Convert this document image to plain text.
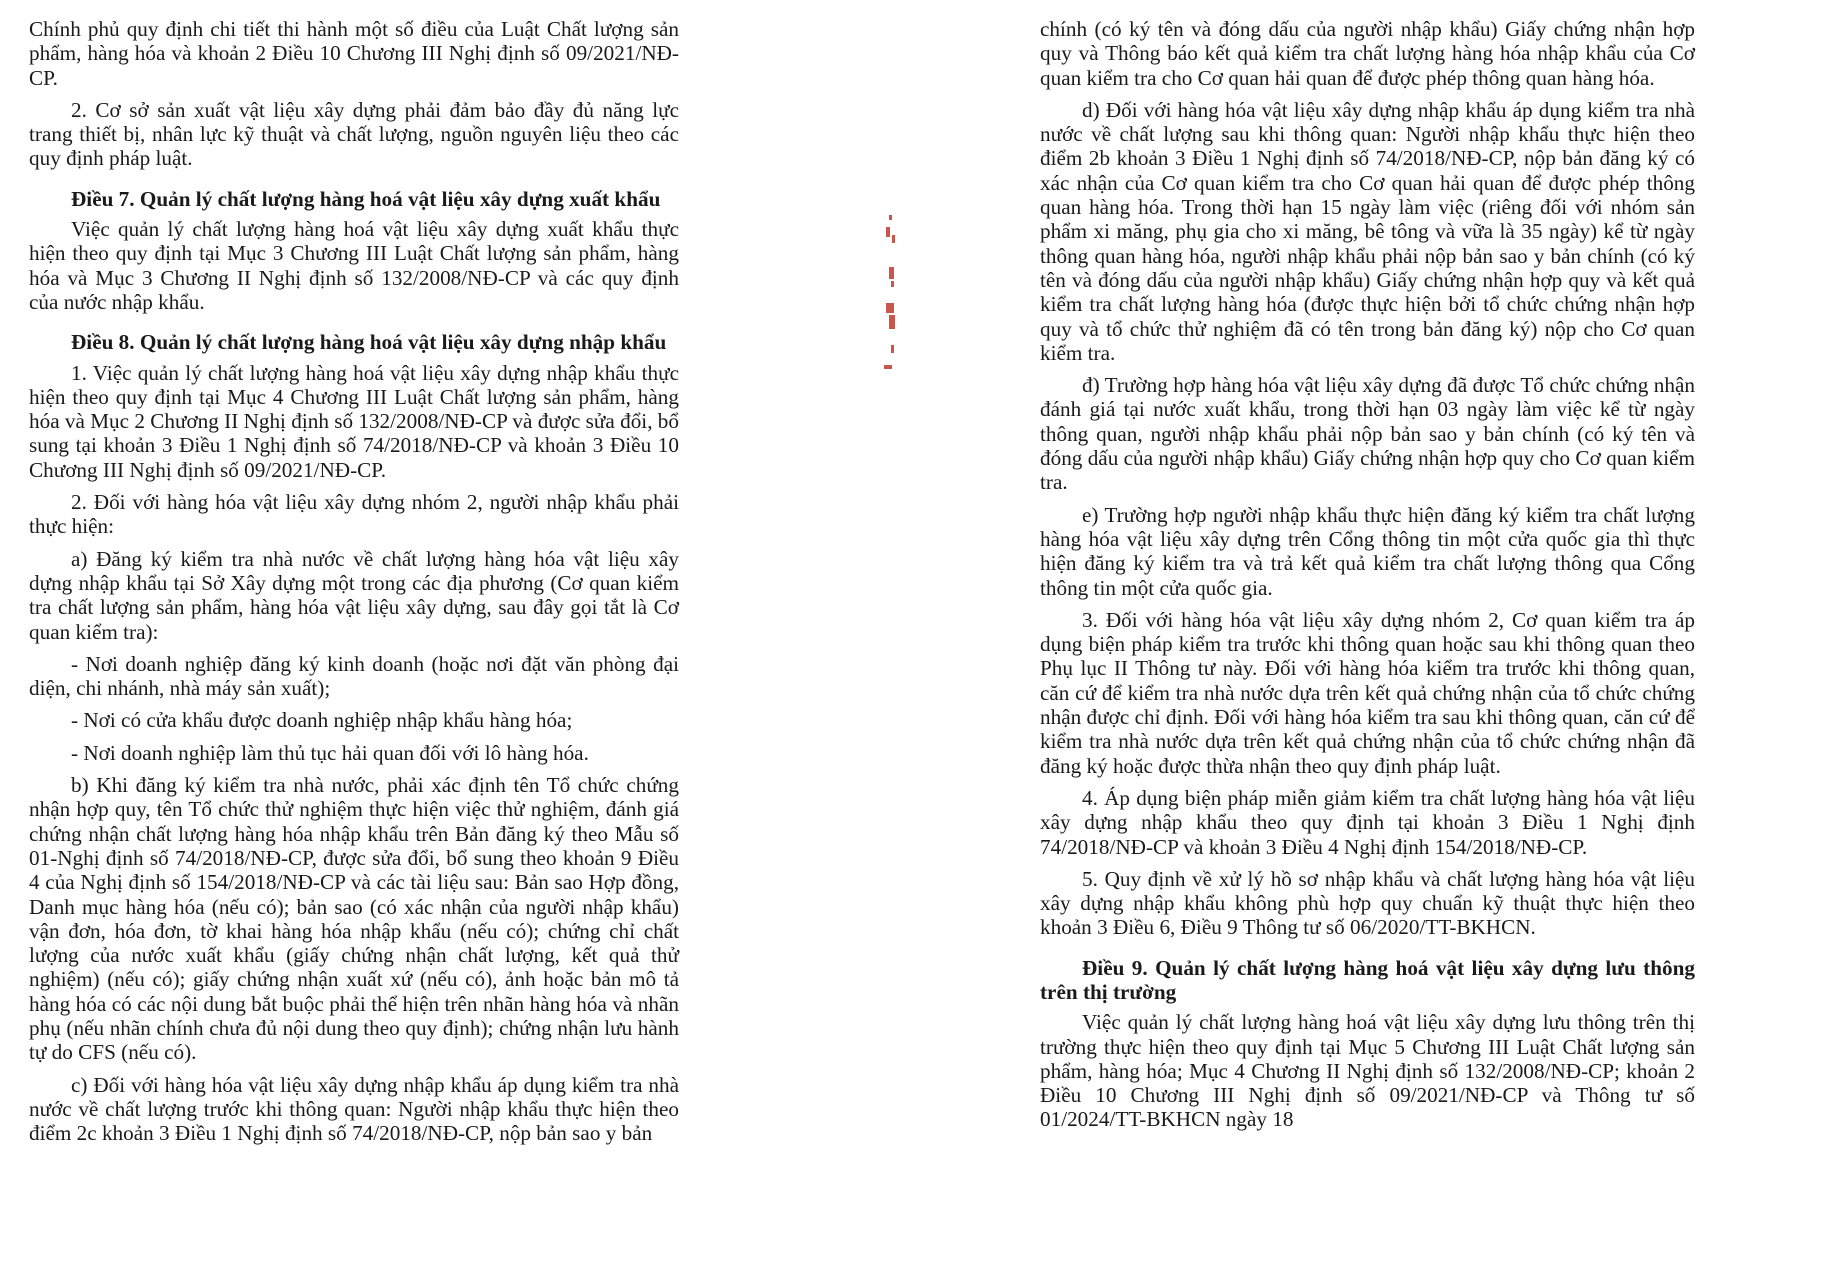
Chính phủ quy định chi tiết thi hành một số điều của Luật Chất lượng sản phẩm, hàng hóa và khoản 2 Điều 10 Chương III Nghị định số 09/2021/NĐ-CP.

2. Cơ sở sản xuất vật liệu xây dựng phải đảm bảo đầy đủ năng lực trang thiết bị, nhân lực kỹ thuật và chất lượng, nguồn nguyên liệu theo các quy định pháp luật.

Điều 7. Quản lý chất lượng hàng hoá vật liệu xây dựng xuất khẩu

Việc quản lý chất lượng hàng hoá vật liệu xây dựng xuất khẩu thực hiện theo quy định tại Mục 3 Chương III Luật Chất lượng sản phẩm, hàng hóa và Mục 3 Chương II Nghị định số 132/2008/NĐ-CP và các quy định của nước nhập khẩu.

Điều 8. Quản lý chất lượng hàng hoá vật liệu xây dựng nhập khẩu

1. Việc quản lý chất lượng hàng hoá vật liệu xây dựng nhập khẩu thực hiện theo quy định tại Mục 4 Chương III Luật Chất lượng sản phẩm, hàng hóa và Mục 2 Chương II Nghị định số 132/2008/NĐ-CP và được sửa đổi, bổ sung tại khoản 3 Điều 1 Nghị định số 74/2018/NĐ-CP và khoản 3 Điều 10 Chương III Nghị định số 09/2021/NĐ-CP.

2. Đối với hàng hóa vật liệu xây dựng nhóm 2, người nhập khẩu phải thực hiện:

a) Đăng ký kiểm tra nhà nước về chất lượng hàng hóa vật liệu xây dựng nhập khẩu tại Sở Xây dựng một trong các địa phương (Cơ quan kiểm tra chất lượng sản phẩm, hàng hóa vật liệu xây dựng, sau đây gọi tắt là Cơ quan kiểm tra):

- Nơi doanh nghiệp đăng ký kinh doanh (hoặc nơi đặt văn phòng đại diện, chi nhánh, nhà máy sản xuất);

- Nơi có cửa khẩu được doanh nghiệp nhập khẩu hàng hóa;

- Nơi doanh nghiệp làm thủ tục hải quan đối với lô hàng hóa.

b) Khi đăng ký kiểm tra nhà nước, phải xác định tên Tổ chức chứng nhận hợp quy, tên Tổ chức thử nghiệm thực hiện việc thử nghiệm, đánh giá chứng nhận chất lượng hàng hóa nhập khẩu trên Bản đăng ký theo Mẫu số 01-Nghị định số 74/2018/NĐ-CP, được sửa đổi, bổ sung theo khoản 9 Điều 4 của Nghị định số 154/2018/NĐ-CP và các tài liệu sau: Bản sao Hợp đồng, Danh mục hàng hóa (nếu có); bản sao (có xác nhận của người nhập khẩu) vận đơn, hóa đơn, tờ khai hàng hóa nhập khẩu (nếu có); chứng chỉ chất lượng của nước xuất khẩu (giấy chứng nhận chất lượng, kết quả thử nghiệm) (nếu có); giấy chứng nhận xuất xứ (nếu có), ảnh hoặc bản mô tả hàng hóa có các nội dung bắt buộc phải thể hiện trên nhãn hàng hóa và nhãn phụ (nếu nhãn chính chưa đủ nội dung theo quy định); chứng nhận lưu hành tự do CFS (nếu có).

c) Đối với hàng hóa vật liệu xây dựng nhập khẩu áp dụng kiểm tra nhà nước về chất lượng trước khi thông quan: Người nhập khẩu thực hiện theo điểm 2c khoản 3 Điều 1 Nghị định số 74/2018/NĐ-CP, nộp bản sao y bản

chính (có ký tên và đóng dấu của người nhập khẩu) Giấy chứng nhận hợp quy và Thông báo kết quả kiểm tra chất lượng hàng hóa nhập khẩu của Cơ quan kiểm tra cho Cơ quan hải quan để được phép thông quan hàng hóa.

d) Đối với hàng hóa vật liệu xây dựng nhập khẩu áp dụng kiểm tra nhà nước về chất lượng sau khi thông quan: Người nhập khẩu thực hiện theo điểm 2b khoản 3 Điều 1 Nghị định số 74/2018/NĐ-CP, nộp bản đăng ký có xác nhận của Cơ quan kiểm tra cho Cơ quan hải quan để được phép thông quan hàng hóa. Trong thời hạn 15 ngày làm việc (riêng đối với nhóm sản phẩm xi măng, phụ gia cho xi măng, bê tông và vữa là 35 ngày) kể từ ngày thông quan hàng hóa, người nhập khẩu phải nộp bản sao y bản chính (có ký tên và đóng dấu của người nhập khẩu) Giấy chứng nhận hợp quy và kết quả kiểm tra chất lượng hàng hóa (được thực hiện bởi tổ chức chứng nhận hợp quy và tổ chức thử nghiệm đã có tên trong bản đăng ký) nộp cho Cơ quan kiểm tra.

đ) Trường hợp hàng hóa vật liệu xây dựng đã được Tổ chức chứng nhận đánh giá tại nước xuất khẩu, trong thời hạn 03 ngày làm việc kể từ ngày thông quan, người nhập khẩu phải nộp bản sao y bản chính (có ký tên và đóng dấu của người nhập khẩu) Giấy chứng nhận hợp quy cho Cơ quan kiểm tra.

e) Trường hợp người nhập khẩu thực hiện đăng ký kiểm tra chất lượng hàng hóa vật liệu xây dựng trên Cổng thông tin một cửa quốc gia thì thực hiện đăng ký kiểm tra và trả kết quả kiểm tra chất lượng thông qua Cổng thông tin một cửa quốc gia.

3. Đối với hàng hóa vật liệu xây dựng nhóm 2, Cơ quan kiểm tra áp dụng biện pháp kiểm tra trước khi thông quan hoặc sau khi thông quan theo Phụ lục II Thông tư này. Đối với hàng hóa kiểm tra trước khi thông quan, căn cứ để kiểm tra nhà nước dựa trên kết quả chứng nhận của tổ chức chứng nhận được chỉ định. Đối với hàng hóa kiểm tra sau khi thông quan, căn cứ để kiểm tra nhà nước dựa trên kết quả chứng nhận của tổ chức chứng nhận đã đăng ký hoặc được thừa nhận theo quy định pháp luật.

4. Áp dụng biện pháp miễn giảm kiểm tra chất lượng hàng hóa vật liệu xây dựng nhập khẩu theo quy định tại khoản 3 Điều 1 Nghị định 74/2018/NĐ-CP và khoản 3 Điều 4 Nghị định 154/2018/NĐ-CP.

5. Quy định về xử lý hồ sơ nhập khẩu và chất lượng hàng hóa vật liệu xây dựng nhập khẩu không phù hợp quy chuẩn kỹ thuật thực hiện theo khoản 3 Điều 6, Điều 9 Thông tư số 06/2020/TT-BKHCN.

Điều 9. Quản lý chất lượng hàng hoá vật liệu xây dựng lưu thông trên thị trường

Việc quản lý chất lượng hàng hoá vật liệu xây dựng lưu thông trên thị trường thực hiện theo quy định tại Mục 5 Chương III Luật Chất lượng sản phẩm, hàng hóa; Mục 4 Chương II Nghị định số 132/2008/NĐ-CP; khoản 2 Điều 10 Chương III Nghị định số 09/2021/NĐ-CP và Thông tư số 01/2024/TT-BKHCN ngày 18
